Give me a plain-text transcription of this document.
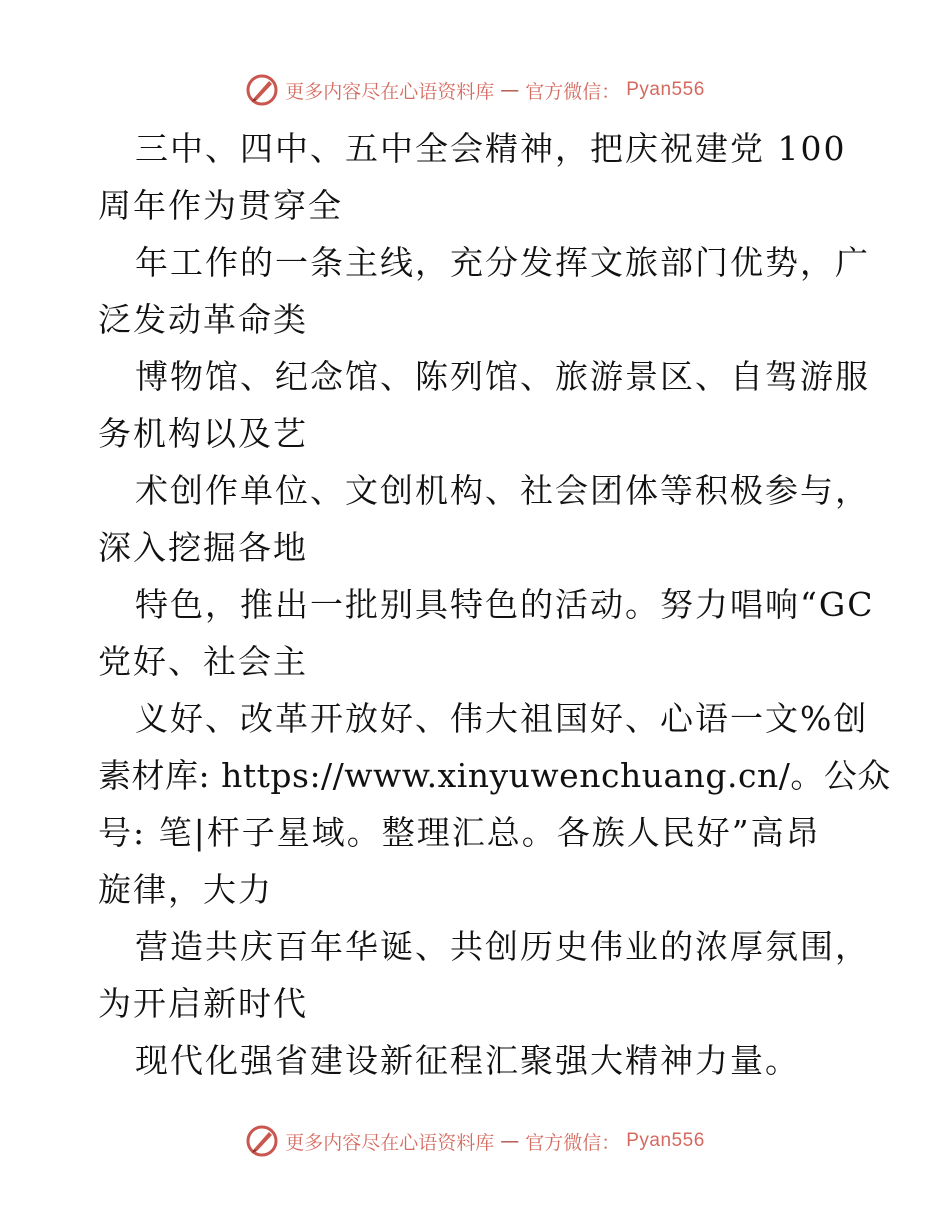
更多内容尽在心语资料库 — 官方微信： Pyan556
三中、四中、五中全会精神，把庆祝建党 100
周年作为贯穿全
年工作的一条主线，充分发挥文旅部门优势，广
泛发动革命类
博物馆、纪念馆、陈列馆、旅游景区、自驾游服
务机构以及艺
术创作单位、文创机构、社会团体等积极参与，
深入挖掘各地
特色，推出一批别具特色的活动。努力唱响“GC
党好、社会主
义好、改革开放好、伟大祖国好、心语一文%创
素材库: https://www.xinyuwenchuang.cn/。公众
号: 笔|杆子星域。整理汇总。各族人民好”高昂
旋律，大力
营造共庆百年华诞、共创历史伟业的浓厚氛围，
为开启新时代
现代化强省建设新征程汇聚强大精神力量。
更多内容尽在心语资料库 — 官方微信： Pyan556
